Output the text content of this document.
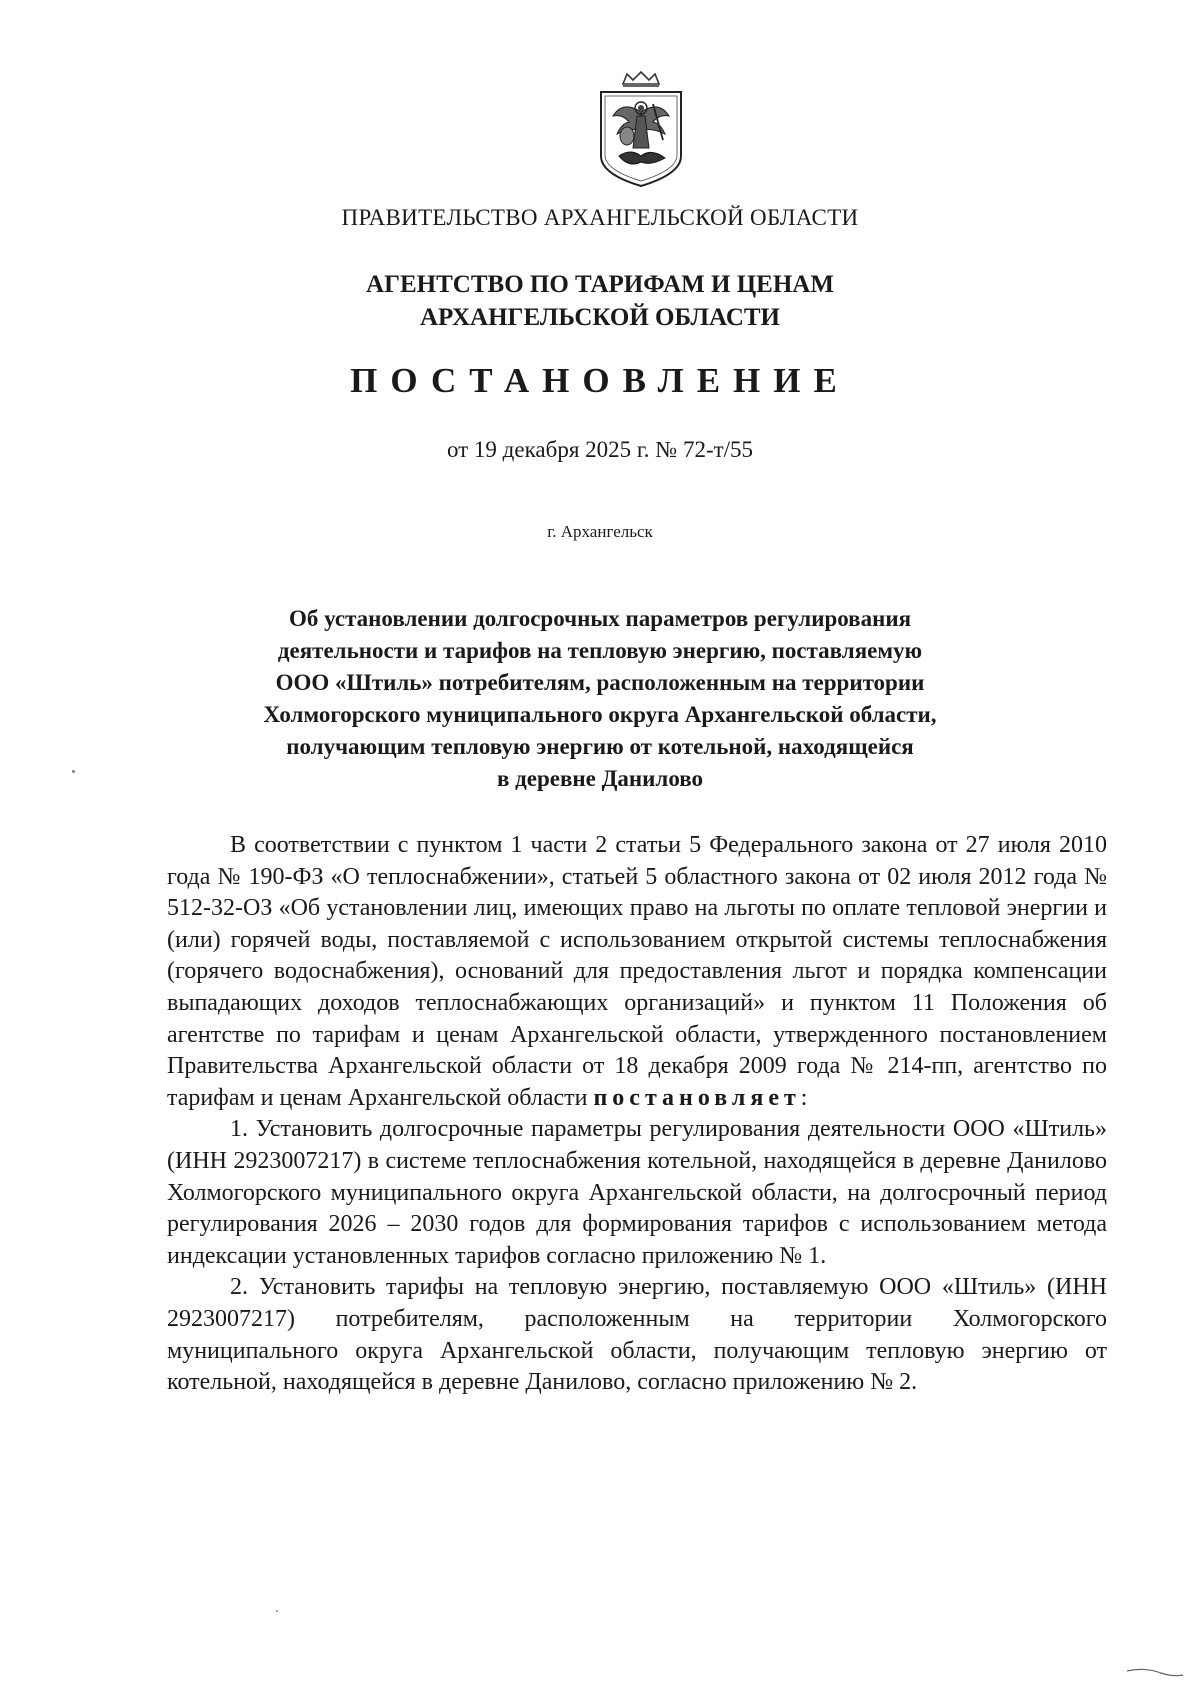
ПРАВИТЕЛЬСТВО АРХАНГЕЛЬСКОЙ ОБЛАСТИ
АГЕНТСТВО ПО ТАРИФАМ И ЦЕНАМ
АРХАНГЕЛЬСКОЙ ОБЛАСТИ
ПОСТАНОВЛЕНИЕ
от 19 декабря 2025 г. № 72-т/55
г. Архангельск
Об установлении долгосрочных параметров регулирования
деятельности и тарифов на тепловую энергию, поставляемую
ООО «Штиль» потребителям, расположенным на территории
Холмогорского муниципального округа Архангельской области,
получающим тепловую энергию от котельной, находящейся
в деревне Данилово

В соответствии с пунктом 1 части 2 статьи 5 Федерального закона от 27 июля 2010 года № 190-ФЗ «О теплоснабжении», статьей 5 областного закона от 02 июля 2012 года № 512-32-ОЗ «Об установлении лиц, имеющих право на льготы по оплате тепловой энергии и (или) горячей воды, поставляемой с использованием открытой системы теплоснабжения (горячего водоснабжения), оснований для предоставления льгот и порядка компенсации выпадающих доходов теплоснабжающих организаций» и пунктом 11 Положения об агентстве по тарифам и ценам Архангельской области, утвержденного постановлением Правительства Архангельской области от 18 декабря 2009 года № 214-пп, агентство по тарифам и ценам Архангельской области постановляет:

1. Установить долгосрочные параметры регулирования деятельности ООО «Штиль» (ИНН 2923007217) в системе теплоснабжения котельной, находящейся в деревне Данилово Холмогорского муниципального округа Архангельской области, на долгосрочный период регулирования 2026 – 2030 годов для формирования тарифов с использованием метода индексации установленных тарифов согласно приложению № 1.

2. Установить тарифы на тепловую энергию, поставляемую ООО «Штиль» (ИНН 2923007217) потребителям, расположенным на территории Холмогорского муниципального округа Архангельской области, получающим тепловую энергию от котельной, находящейся в деревне Данилово, согласно приложению № 2.
